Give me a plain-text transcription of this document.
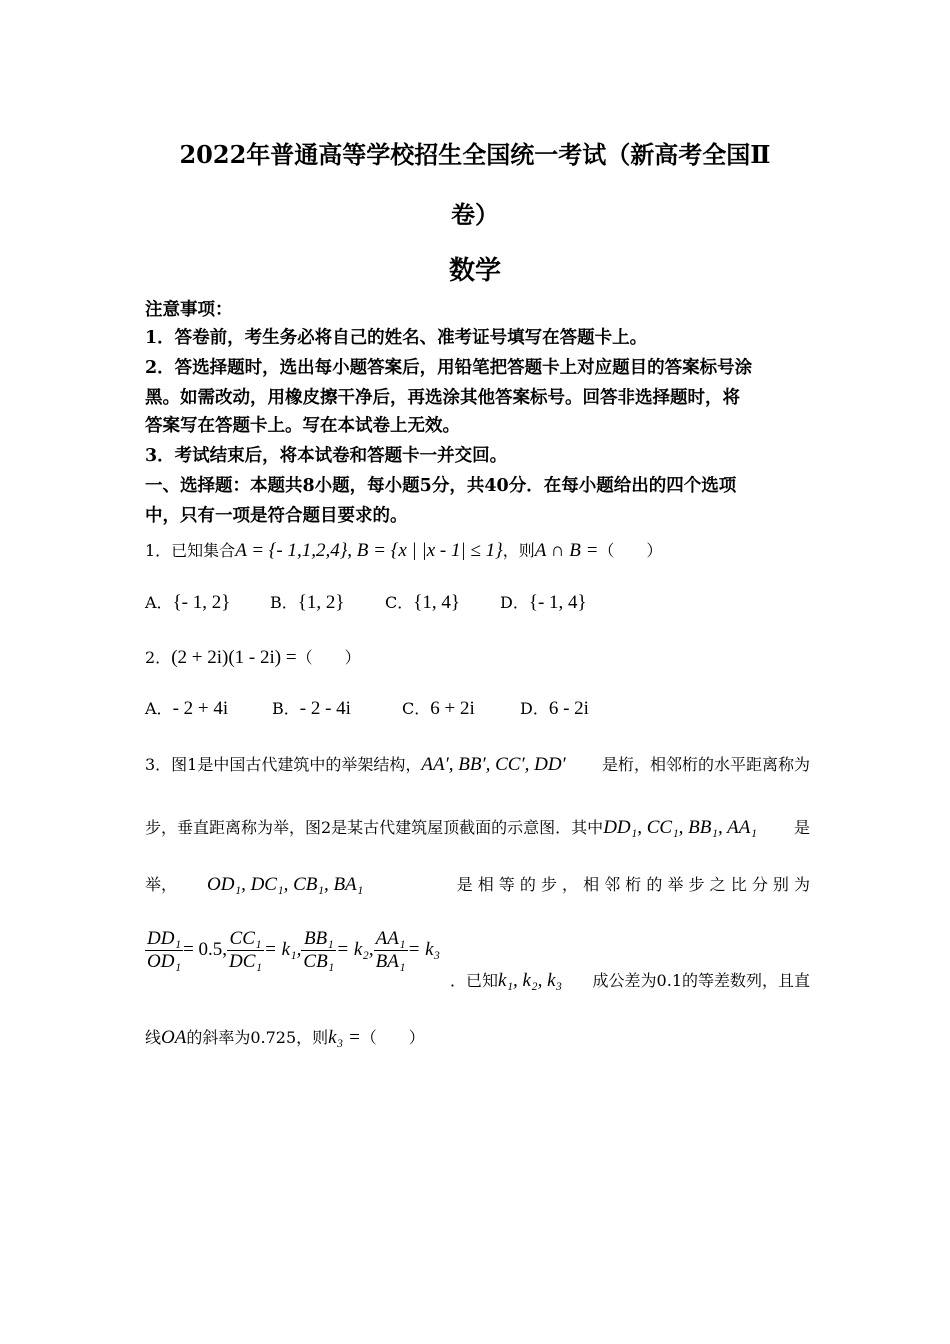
2022年普通高等学校招生全国统一考试（新高考全国Ⅱ
卷）
数学
注意事项：
1．答卷前，考生务必将自己的姓名、准考证号填写在答题卡上。
2．答选择题时，选出每小题答案后，用铅笔把答题卡上对应题目的答案标号涂
黑。如需改动，用橡皮擦干净后，再选涂其他答案标号。回答非选择题时，将
答案写在答题卡上。写在本试卷上无效。
3．考试结束后，将本试卷和答题卡一并交回。
一、选择题：本题共8小题，每小题5分，共40分．在每小题给出的四个选项
中，只有一项是符合题目要求的。
1．已知集合A = {- 1,1,2,4}, B = {x | |x - 1| ≤ 1}，则A ∩ B =（　　）
A．{- 1, 2} B．{1, 2}	C．{1, 4}	D．{- 1, 4}
2．(2 + 2i)(1 - 2i) =（　　）
A．- 2 + 4i	B．- 2 - 4i	C．6 + 2i	D．6 - 2i
3．图1是中国古代建筑中的举架结构，AA′, BB′, CC′, DD′ 是桁，相邻桁的水平距离称为
步，垂直距离称为举，图2是某古代建筑屋顶截面的示意图．其中DD₁, CC₁, BB₁, AA₁ 是
举， OD₁, DC₁, CB₁, BA₁	是 相 等 的 步 ， 相 邻 桁 的 举 步 之 比 分 别 为
$\frac{\text{DD₁}}{\text{OD₁}} = 0.5$, $\frac{\text{CC₁}}{\text{DC₁}} = k_1$, $\frac{\text{BB₁}}{\text{CB₁}} = k_2$, $\frac{\text{AA₁}}{\text{BA₁}} = k_3$
．已知k₁, k₂, k₃ 成公差为0.1的等差数列，且直
线OA的斜率为0.725，则k₃ =（　　）
